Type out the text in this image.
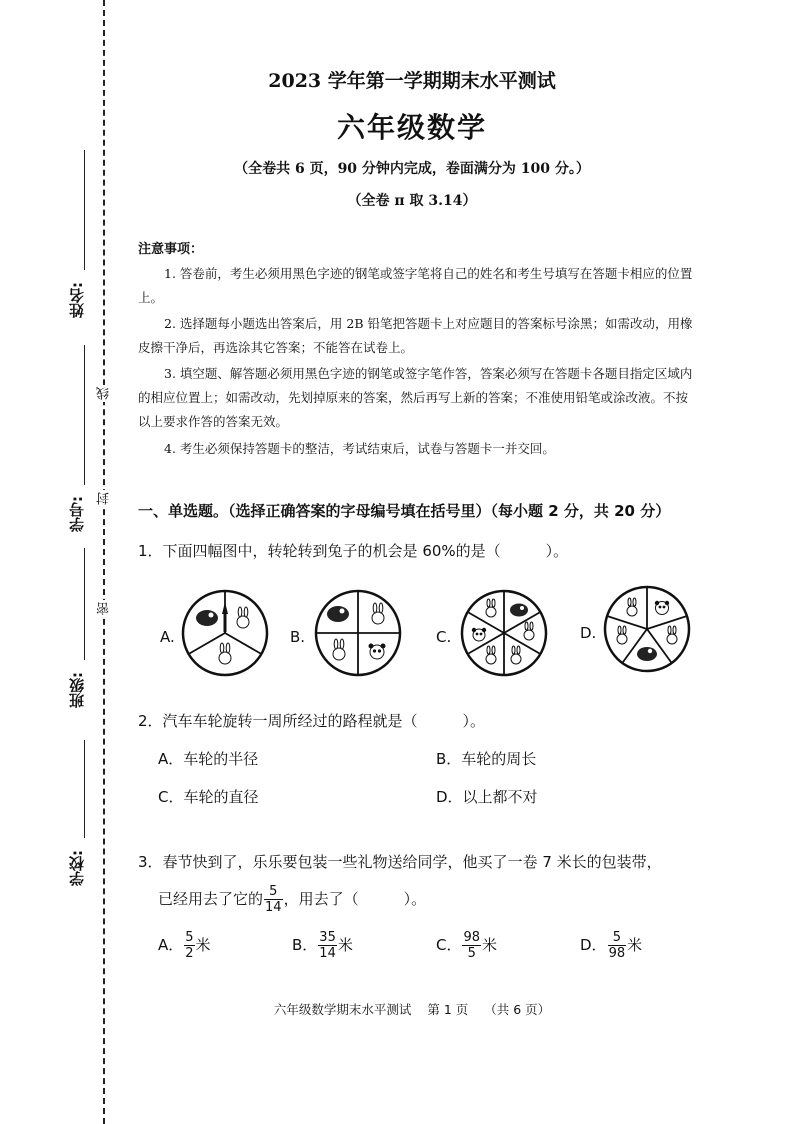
姓名:
学号:
班级:
学校:
线
封
密
2023 学年第一学期期末水平测试
六年级数学
（全卷共 6 页，90 分钟内完成，卷面满分为 100 分。）
（全卷 π 取 3.14）
注意事项：
1. 答卷前，考生必须用黑色字迹的钢笔或签字笔将自己的姓名和考生号填写在答题卡相应的位置上。
2. 选择题每小题选出答案后，用 2B 铅笔把答题卡上对应题目的答案标号涂黑；如需改动，用橡皮擦干净后，再选涂其它答案；不能答在试卷上。
3. 填空题、解答题必须用黑色字迹的钢笔或签字笔作答，答案必须写在答题卡各题目指定区域内的相应位置上；如需改动，先划掉原来的答案，然后再写上新的答案；不准使用铅笔或涂改液。不按以上要求作答的答案无效。
4. 考生必须保持答题卡的整洁，考试结束后，试卷与答题卡一并交回。
一、单选题。（选择正确答案的字母编号填在括号里）（每小题 2 分，共 20 分）
1．下面四幅图中，转轮转到兔子的机会是 60%的是（　　　）。
A.	B.	C.	D.
2．汽车车轮旋转一周所经过的路程就是（　　　）。
A．车轮的半径	B．车轮的周长
C．车轮的直径	D．以上都不对
3．春节快到了，乐乐要包装一些礼物送给同学，他买了一卷 7 米长的包装带，
已经用去了它的 $\frac{5}{14}$ ，用去了（　　　）。
A． $\frac{5}{2}$ 米	B． $\frac{35}{14}$ 米	C． $\frac{98}{5}$ 米	D． $\frac{5}{98}$ 米
六年级数学期末水平测试 第 1 页 （共 6 页）
